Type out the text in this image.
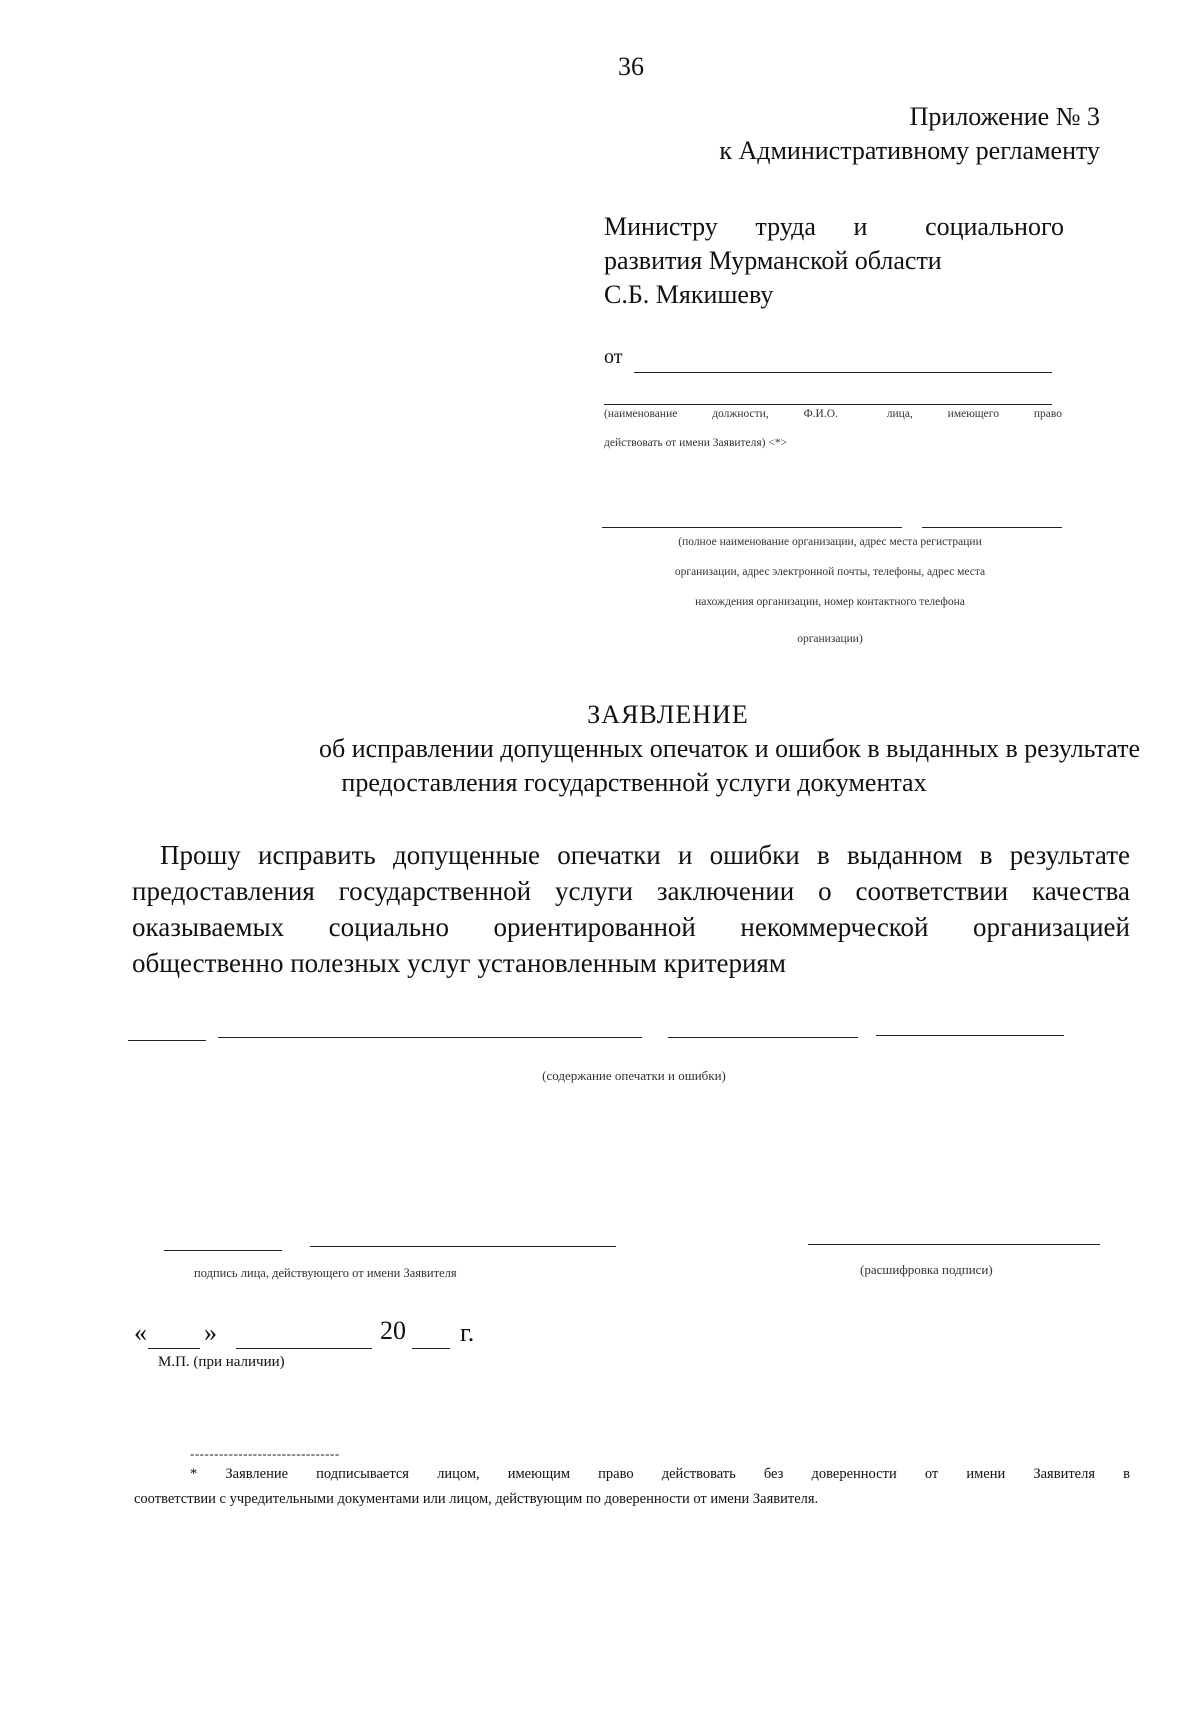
36
Приложение № 3
к Административному регламенту
Министру труда и социального
развития Мурманской области
С.Б. Мякишеву
от
(наименование	должности,	Ф.И.О.	лица,	имеющего	право
действовать от имени Заявителя) <*>
(полное наименование организации, адрес места регистрации
организации, адрес электронной почты, телефоны, адрес места
нахождения организации, номер контактного телефона
организации)
ЗАЯВЛЕНИЕ
об исправлении допущенных опечаток и ошибок в выданных в результате
предоставления государственной услуги документах
Прошу исправить допущенные опечатки и ошибки в выданном в результате
предоставления государственной услуги заключении о соответствии качества
оказываемых социально ориентированной некоммерческой организацией
общественно полезных услуг установленным критериям
(содержание опечатки и ошибки)
подпись лица, действующего от имени Заявителя	(расшифровка подписи)
« »	20 г.
М.П. (при наличии)
-------------------------------
* Заявление подписывается лицом, имеющим право действовать без доверенности от имени Заявителя в
соответствии с учредительными документами или лицом, действующим по доверенности от имени Заявителя.
